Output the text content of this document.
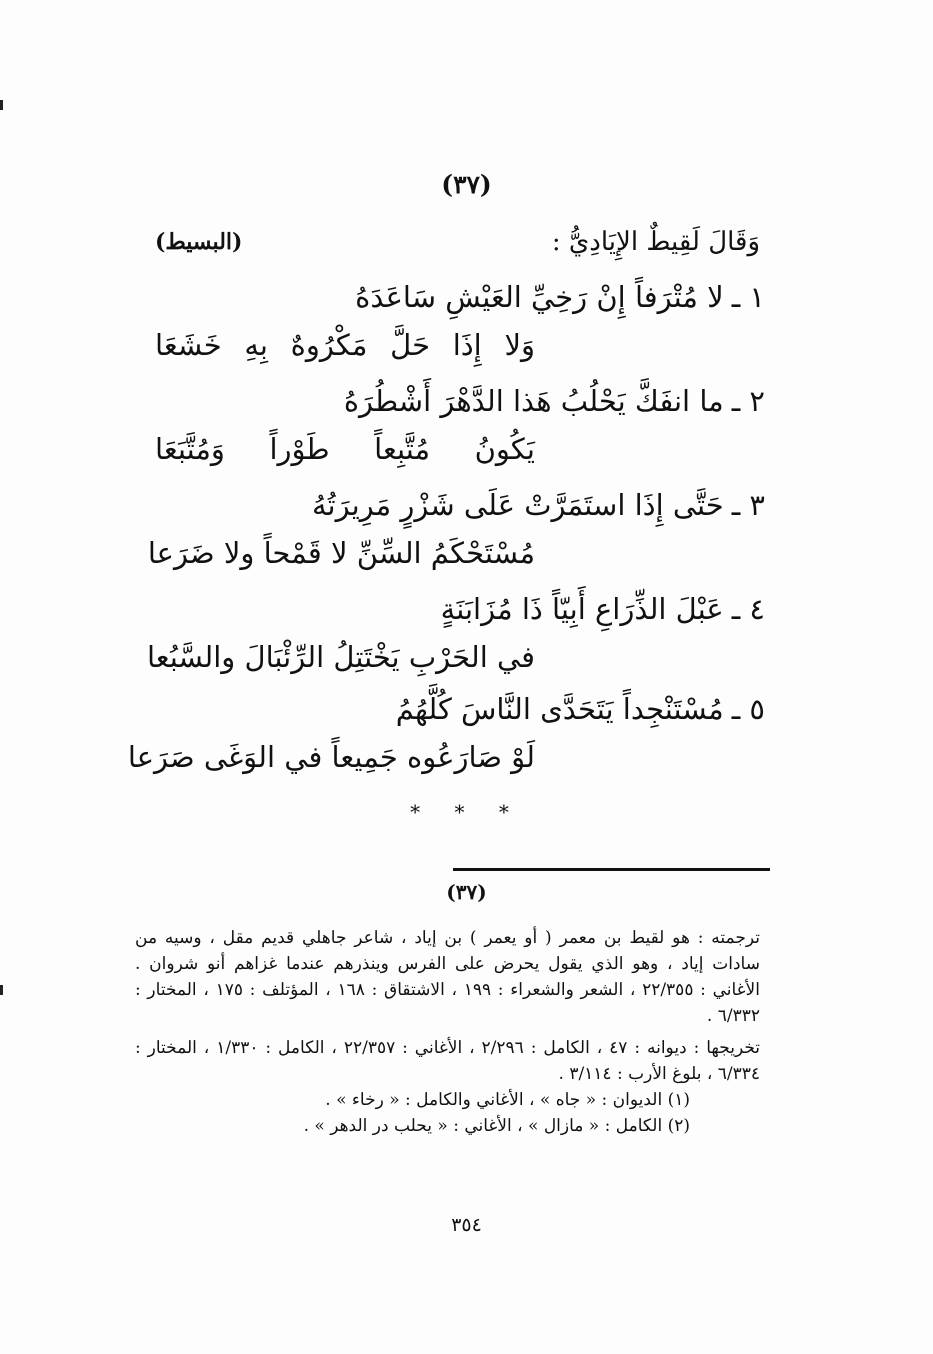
(٣٧)
وَقَالَ لَقِيطٌ الإِيَادِيُّ :
(البسيط)
١ ـلا مُتْرَفاً إِنْ رَخِيِّ العَيْشِ سَاعَدَهُ
وَلا إِذَا حَلَّ مَكْرُوهٌ بِهِ خَشَعَا
٢ ـما انفَكَّ يَحْلُبُ هَذا الدَّهْرَ أَشْطُرَهُ
يَكُونُ مُتَّبِعاً طَوْراً وَمُتَّبَعَا
٣ ـحَتَّى إِذَا استَمَرَّتْ عَلَى شَزْرٍ مَرِيرَتُهُ
مُسْتَحْكَمُ السِّنِّ لا قَمْحاً ولا ضَرَعا
٤ ـعَبْلَ الذِّرَاعِ أَبِيّاً ذَا مُزَابَنَةٍ
في الحَرْبِ يَخْتَتِلُ الرِّئْبَالَ والسَّبُعا
٥ ـمُسْتَنْجِداً يَتَحَدَّى النَّاسَ كُلَّهُمُ
لَوْ صَارَعُوه جَمِيعاً في الوَغَى صَرَعا
* * *
(٣٧)

ترجمته : هو لقيط بن معمر ( أو يعمر ) بن إياد ، شاعر جاهلي قديم مقل ، وسيه من سادات إياد ، وهو الذي يقول يحرض على الفرس وينذرهم عندما غزاهم أنو شروان . الأغاني : ٢٢/٣٥٥ ، الشعر والشعراء : ١٩٩ ، الاشتقاق : ١٦٨ ، المؤتلف : ١٧٥ ، المختار : ٦/٣٣٢ .

تخريجها : ديوانه : ٤٧ ، الكامل : ٢/٢٩٦ ، الأغاني : ٢٢/٣٥٧ ، الكامل : ١/٣٣٠ ، المختار : ٦/٣٣٤ ، بلوغ الأرب : ٣/١١٤ .

(١) الديوان : « جاه » ، الأغاني والكامل : « رخاء » .

(٢) الكامل : « مازال » ، الأغاني : « يحلب در الدهر » .

٣٥٤
